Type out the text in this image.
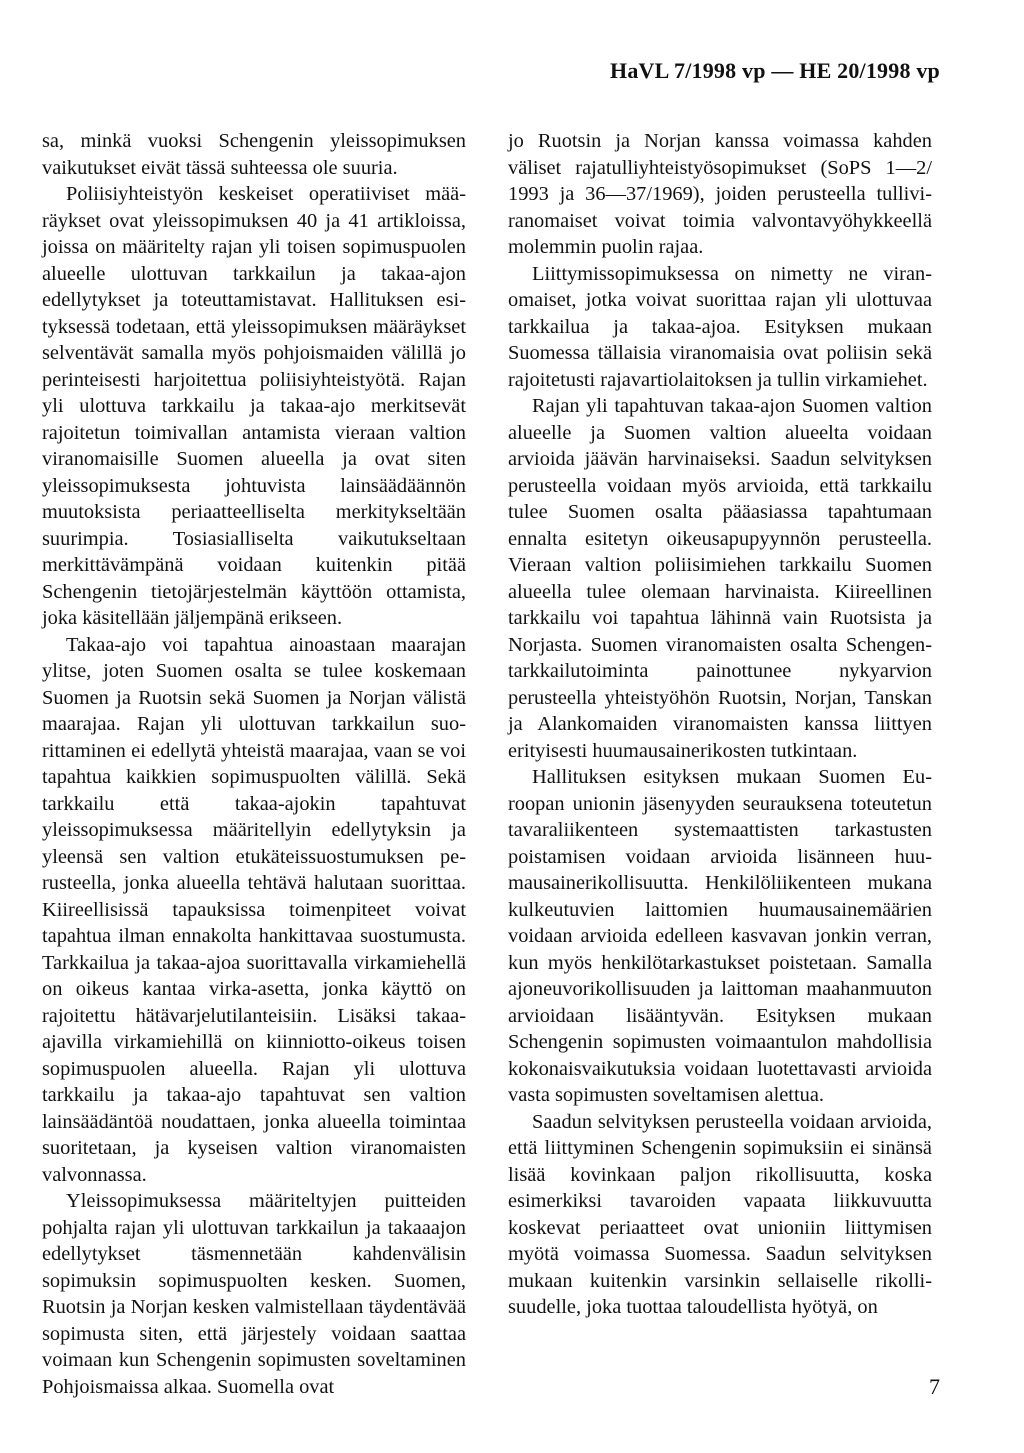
HaVL 7/1998 vp — HE 20/1998 vp

sa, minkä vuoksi Schengenin yleissopimuksen vaikutukset eivät tässä suhteessa ole suuria.

Poliisiyhteistyön keskeiset operatiiviset määräykset ovat yleissopimuksen 40 ja 41 artikloissa, joissa on määritelty rajan yli toisen sopimuspuolen alueelle ulottuvan tarkkailun ja takaa-ajon edellytykset ja toteuttamistavat. Hallituksen esityksessä todetaan, että yleissopimuksen määräykset selventävät samalla myös pohjoismaiden välillä jo perinteisesti harjoitettua poliisiyhteistyötä. Rajan yli ulottuva tarkkailu ja takaa-ajo merkitsevät rajoitetun toimivallan antamista vieraan valtion viranomaisille Suomen alueella ja ovat siten yleissopimuksesta johtuvista lainsäädäännön muutoksista periaatteelliselta merkitykseltään suurimpia. Tosiasialliselta vaikutukseltaan merkittävämpänä voidaan kuitenkin pitää Schengenin tietojärjestelmän käyttöön ottamista, joka käsitellään jäljempänä erikseen.

Takaa-ajo voi tapahtua ainoastaan maarajan ylitse, joten Suomen osalta se tulee koskemaan Suomen ja Ruotsin sekä Suomen ja Norjan välistä maarajaa. Rajan yli ulottuvan tarkkailun suorittaminen ei edellytä yhteistä maarajaa, vaan se voi tapahtua kaikkien sopimuspuolten välillä. Sekä tarkkailu että takaa-ajokin tapahtuvat yleissopimuksessa määritellyin edellytyksin ja yleensä sen valtion etukäteissuostumuksen perusteella, jonka alueella tehtävä halutaan suorittaa. Kiireellisissä tapauksissa toimenpiteet voivat tapahtua ilman ennakolta hankittavaa suostumusta. Tarkkailua ja takaa-ajoa suorittavalla virkamiehellä on oikeus kantaa virka-asetta, jonka käyttö on rajoitettu hätävarjelutilanteisiin. Lisäksi takaa-ajavilla virkamiehillä on kiinniotto-oikeus toisen sopimuspuolen alueella. Rajan yli ulottuva tarkkailu ja takaa-ajo tapahtuvat sen valtion lainsäädäntöä noudattaen, jonka alueella toimintaa suoritetaan, ja kyseisen valtion viranomaisten valvonnassa.

Yleissopimuksessa määriteltyjen puitteiden pohjalta rajan yli ulottuvan tarkkailun ja takaaajon edellytykset täsmennetään kahdenvälisin sopimuksin sopimuspuolten kesken. Suomen, Ruotsin ja Norjan kesken valmistellaan täydentävää sopimusta siten, että järjestely voidaan saattaa voimaan kun Schengenin sopimusten soveltaminen Pohjoismaissa alkaa. Suomella ovat

jo Ruotsin ja Norjan kanssa voimassa kahden väliset rajatulliyhteistyösopimukset (SoPS 1—2/ 1993 ja 36—37/1969), joiden perusteella tulliviranomaiset voivat toimia valvontavyöhykkeellä molemmin puolin rajaa.

Liittymissopimuksessa on nimetty ne viranomaiset, jotka voivat suorittaa rajan yli ulottuvaa tarkkailua ja takaa-ajoa. Esityksen mukaan Suomessa tällaisia viranomaisia ovat poliisin sekä rajoitetusti rajavartiolaitoksen ja tullin virkamiehet.

Rajan yli tapahtuvan takaa-ajon Suomen valtion alueelle ja Suomen valtion alueelta voidaan arvioida jäävän harvinaiseksi. Saadun selvityksen perusteella voidaan myös arvioida, että tarkkailu tulee Suomen osalta pääasiassa tapahtumaan ennalta esitetyn oikeusapupyynnön perusteella. Vieraan valtion poliisimiehen tarkkailu Suomen alueella tulee olemaan harvinaista. Kiireellinen tarkkailu voi tapahtua lähinnä vain Ruotsista ja Norjasta. Suomen viranomaisten osalta Schengen-tarkkailutoiminta painottunee nykyarvion perusteella yhteistyöhön Ruotsin, Norjan, Tanskan ja Alankomaiden viranomaisten kanssa liittyen erityisesti huumausainerikosten tutkintaan.

Hallituksen esityksen mukaan Suomen Euroopan unionin jäsenyyden seurauksena toteutetun tavaraliikenteen systemaattisten tarkastusten poistamisen voidaan arvioida lisänneen huumausainerikollisuutta. Henkilöliikenteen mukana kulkeutuvien laittomien huumausainemäärien voidaan arvioida edelleen kasvavan jonkin verran, kun myös henkilötarkastukset poistetaan. Samalla ajoneuvorikollisuuden ja laittoman maahanmuuton arvioidaan lisääntyvän. Esityksen mukaan Schengenin sopimusten voimaantulon mahdollisia kokonaisvaikutuksia voidaan luotettavasti arvioida vasta sopimusten soveltamisen alettua.

Saadun selvityksen perusteella voidaan arvioida, että liittyminen Schengenin sopimuksiin ei sinänsä lisää kovinkaan paljon rikollisuutta, koska esimerkiksi tavaroiden vapaata liikkuvuutta koskevat periaatteet ovat unioniin liittymisen myötä voimassa Suomessa. Saadun selvityksen mukaan kuitenkin varsinkin sellaiselle rikollisuudelle, joka tuottaa taloudellista hyötyä, on

7
